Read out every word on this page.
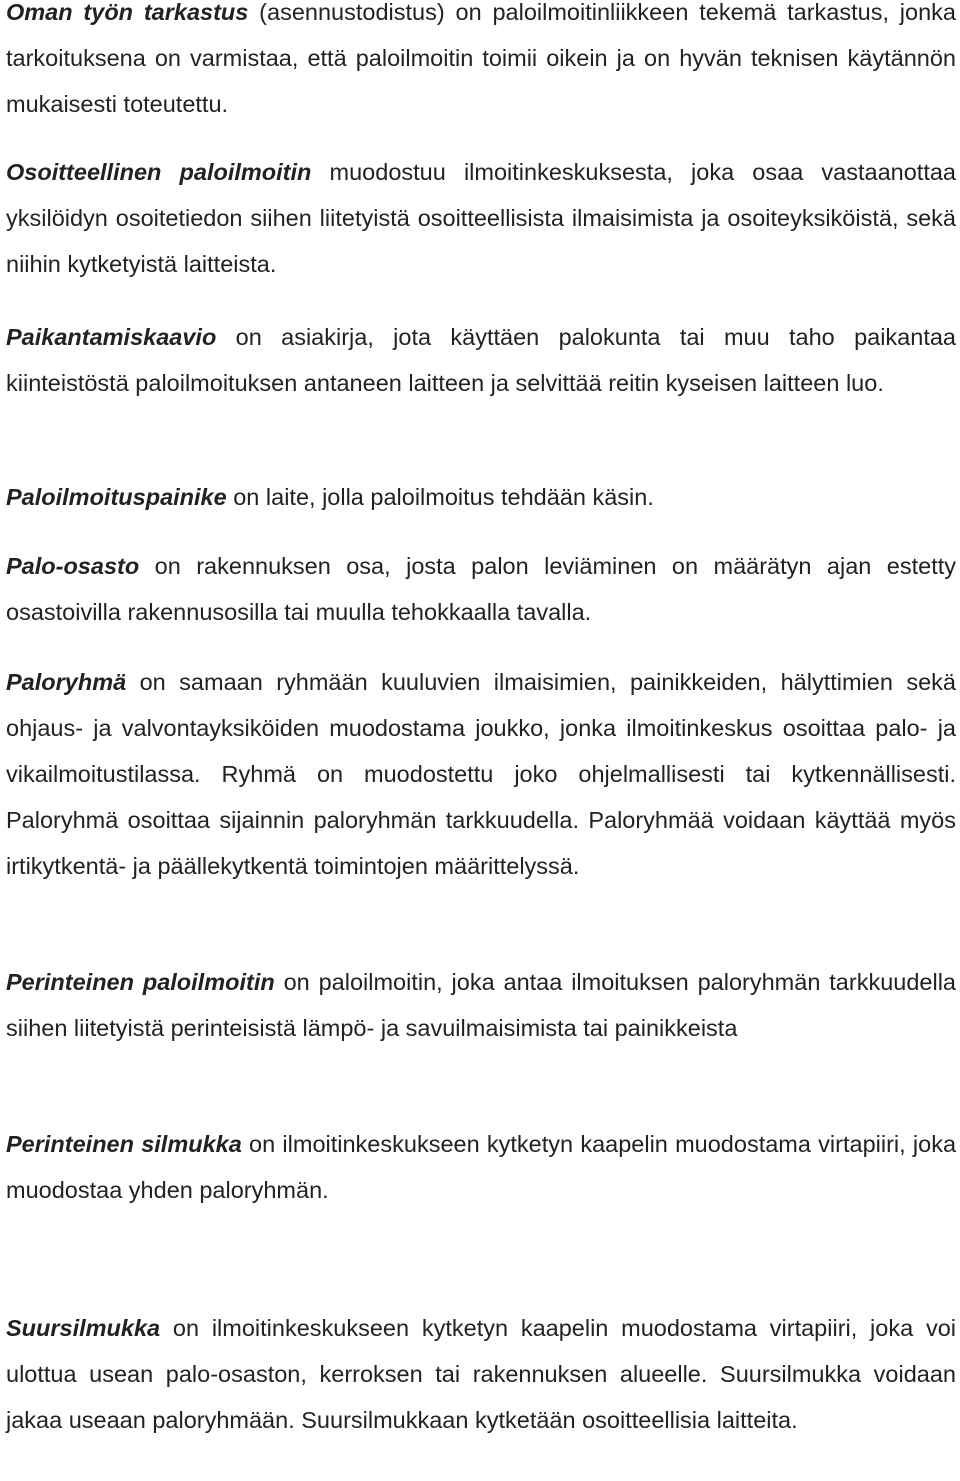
Oman työn tarkastus (asennustodistus) on paloilmoitinliikkeen tekemä tarkastus, jonka tarkoituksena on varmistaa, että paloilmoitin toimii oikein ja on hyvän teknisen käytännön mukaisesti toteutettu.

Osoitteellinen paloilmoitin muodostuu ilmoitinkeskuksesta, joka osaa vastaanottaa yksilöidyn osoitetiedon siihen liitetyistä osoitteellisista ilmaisimista ja osoiteyksiköistä, sekä niihin kytketyistä laitteista.

Paikantamiskaavio on asiakirja, jota käyttäen palokunta tai muu taho paikantaa kiinteistöstä paloilmoituksen antaneen laitteen ja selvittää reitin kyseisen laitteen luo.

Paloilmoituspainike on laite, jolla paloilmoitus tehdään käsin.

Palo-osasto on rakennuksen osa, josta palon leviäminen on määrätyn ajan estetty osastoivilla rakennusosilla tai muulla tehokkaalla tavalla.

Paloryhmä on samaan ryhmään kuuluvien ilmaisimien, painikkeiden, hälyttimien sekä ohjaus- ja valvontayksiköiden muodostama joukko, jonka ilmoitinkeskus osoittaa palo- ja vikailmoitustilassa. Ryhmä on muodostettu joko ohjelmallisesti tai kytkennällisesti. Paloryhmä osoittaa sijainnin paloryhmän tarkkuudella. Paloryhmää voidaan käyttää myös irtikytkentä- ja päällekytkentä toimintojen määrittelyssä.

Perinteinen paloilmoitin on paloilmoitin, joka antaa ilmoituksen paloryhmän tarkkuudella siihen liitetyistä perinteisistä lämpö- ja savuilmaisimista tai painikkeista

Perinteinen silmukka on ilmoitinkeskukseen kytketyn kaapelin muodostama virtapiiri, joka muodostaa yhden paloryhmän.

Suursilmukka on ilmoitinkeskukseen kytketyn kaapelin muodostama virtapiiri, joka voi ulottua usean palo-osaston, kerroksen tai rakennuksen alueelle. Suursilmukka voidaan jakaa useaan paloryhmään. Suursilmukkaan kytketään osoitteellisia laitteita.
